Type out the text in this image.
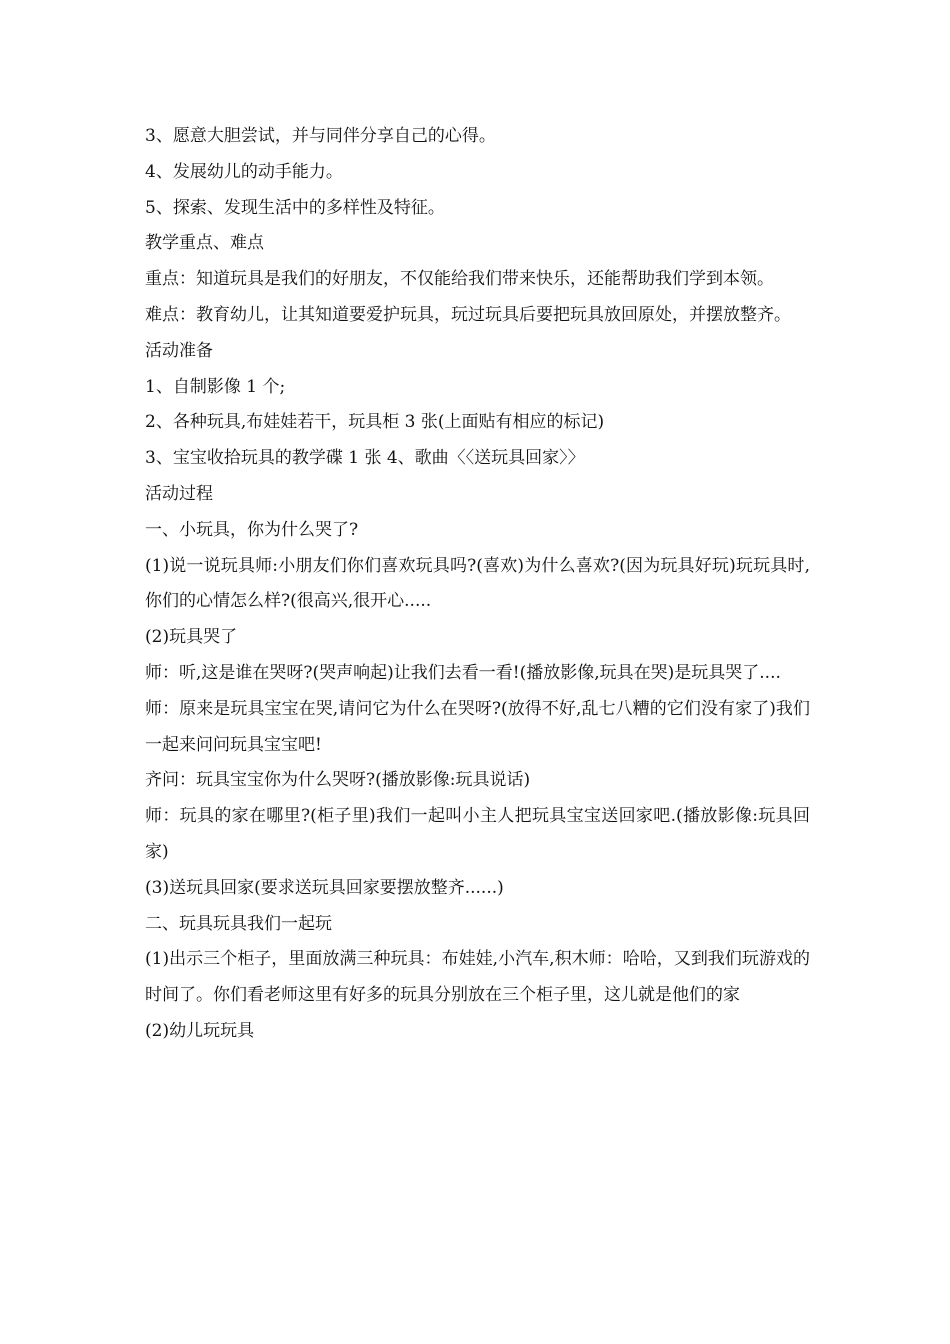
3、愿意大胆尝试，并与同伴分享自己的心得。
4、发展幼儿的动手能力。
5、探索、发现生活中的多样性及特征。
教学重点、难点
重点：知道玩具是我们的好朋友，不仅能给我们带来快乐，还能帮助我们学到本领。
难点：教育幼儿，让其知道要爱护玩具，玩过玩具后要把玩具放回原处，并摆放整齐。
活动准备
1、自制影像 1 个;
2、各种玩具,布娃娃若干，玩具柜 3 张(上面贴有相应的标记)
3、宝宝收拾玩具的教学碟 1 张 4、歌曲〈〈送玩具回家〉〉
活动过程
一、小玩具，你为什么哭了?
(1)说一说玩具师:小朋友们你们喜欢玩具吗?(喜欢)为什么喜欢?(因为玩具好玩)玩玩具时,你们的心情怎么样?(很高兴,很开心.....
(2)玩具哭了
师：听,这是谁在哭呀?(哭声响起)让我们去看一看!(播放影像,玩具在哭)是玩具哭了....
师：原来是玩具宝宝在哭,请问它为什么在哭呀?(放得不好,乱七八糟的它们没有家了)我们一起来问问玩具宝宝吧!
齐问：玩具宝宝你为什么哭呀?(播放影像:玩具说话)
师：玩具的家在哪里?(柜子里)我们一起叫小主人把玩具宝宝送回家吧.(播放影像:玩具回家)
(3)送玩具回家(要求送玩具回家要摆放整齐......)
二、玩具玩具我们一起玩
(1)出示三个柜子，里面放满三种玩具：布娃娃,小汽车,积木师：哈哈，又到我们玩游戏的时间了。你们看老师这里有好多的玩具分别放在三个柜子里，这儿就是他们的家
(2)幼儿玩玩具
